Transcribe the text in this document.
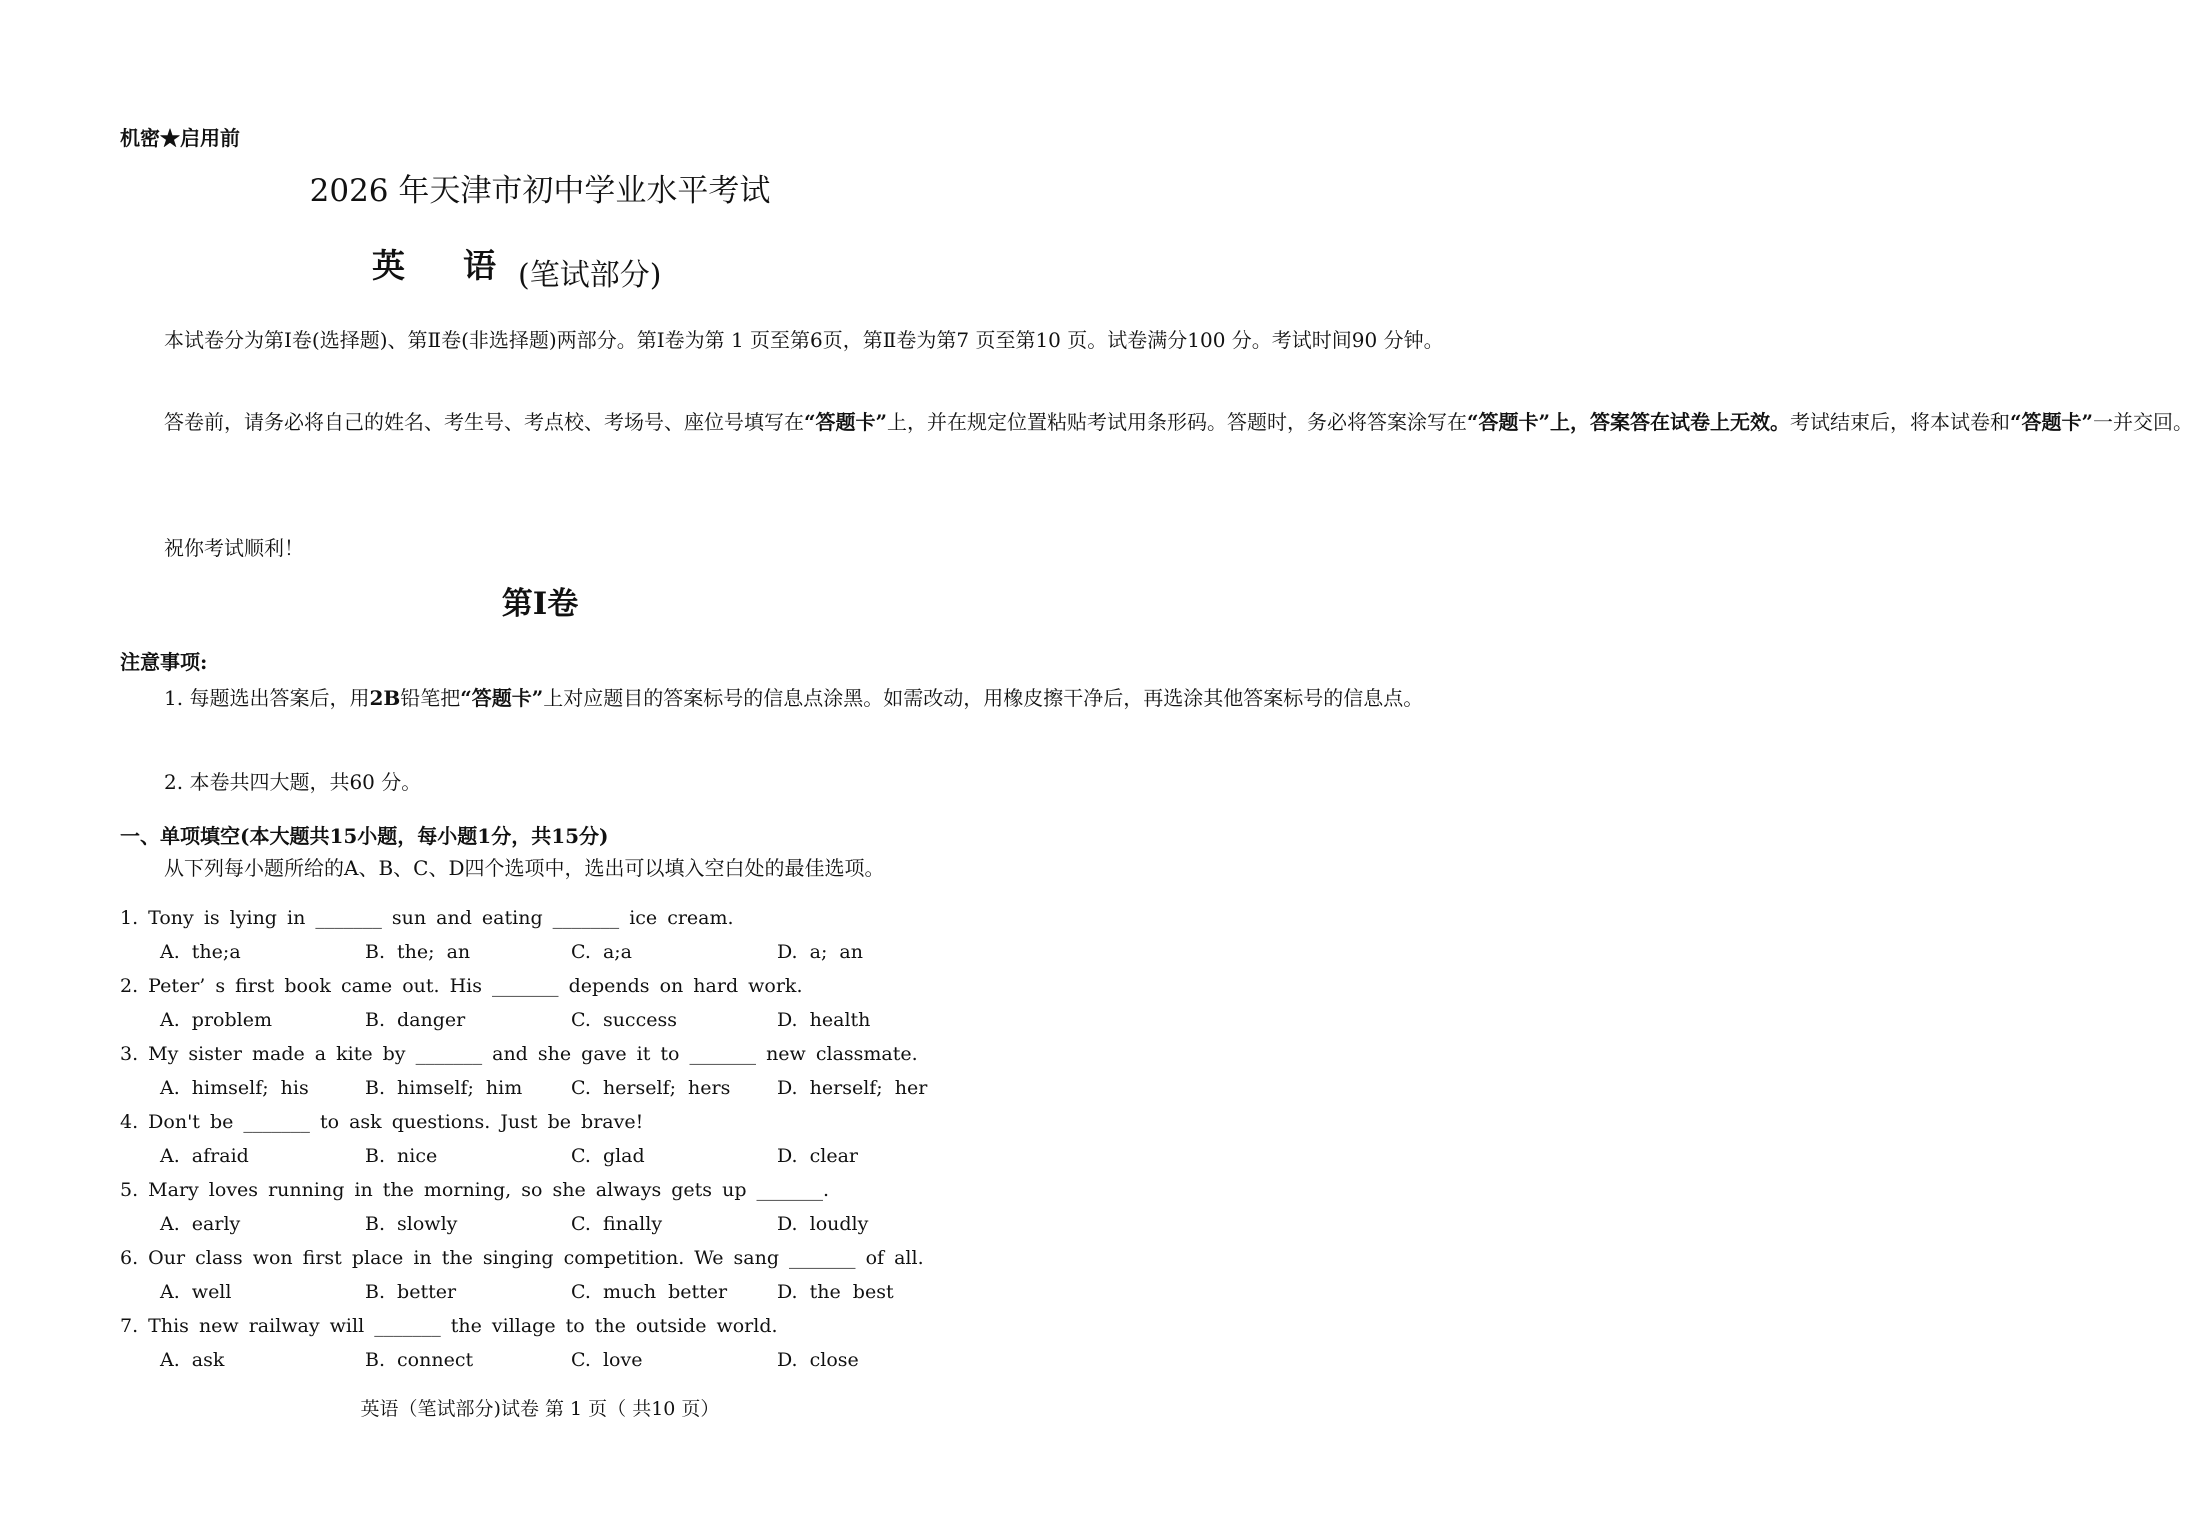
机密★启用前
2026 年天津市初中学业水平考试
英语
(笔试部分)
本试卷分为第Ⅰ卷(选择题)、第Ⅱ卷(非选择题)两部分。第Ⅰ卷为第 1 页至第6页，第Ⅱ卷为第7 页至第10 页。试卷满分100 分。考试时间90 分钟。
答卷前，请务必将自己的姓名、考生号、考点校、考场号、座位号填写在“答题卡”上，并在规定位置粘贴考试用条形码。答题时，务必将答案涂写在“答题卡”上，答案答在试卷上无效。考试结束后，将本试卷和“答题卡”一并交回。
祝你考试顺利！
第Ⅰ卷
注意事项:
1. 每题选出答案后，用2B铅笔把“答题卡”上对应题目的答案标号的信息点涂黑。如需改动，用橡皮擦干净后，再选涂其他答案标号的信息点。
2. 本卷共四大题，共60 分。
一、单项填空(本大题共15小题，每小题1分，共15分)
从下列每小题所给的A、B、C、D四个选项中，选出可以填入空白处的最佳选项。
1. Tony is lying in _______ sun and eating _______ ice cream.
A. the;a	B. the; an	C. a;a	D. a; an
2. Peter’ s first book came out. His _______ depends on hard work.
A. problem	B. danger	C. success	D. health
3. My sister made a kite by _______ and she gave it to _______ new classmate.
A. himself; his	B. himself; him	C. herself; hers D. herself; her
4. Don't be _______ to ask questions. Just be brave!
A. afraid	B. nice	C. glad	D. clear
5. Mary loves running in the morning, so she always gets up _______.
A. early	B. slowly	C. finally	D. loudly
6. Our class won first place in the singing competition. We sang _______ of all.
A. well	B. better	C. much better	D. the best
7. This new railway will _______ the village to the outside world.
A. ask	B. connect	C. love	D. close
英语（笔试部分)试卷 第 1 页（ 共10 页）
